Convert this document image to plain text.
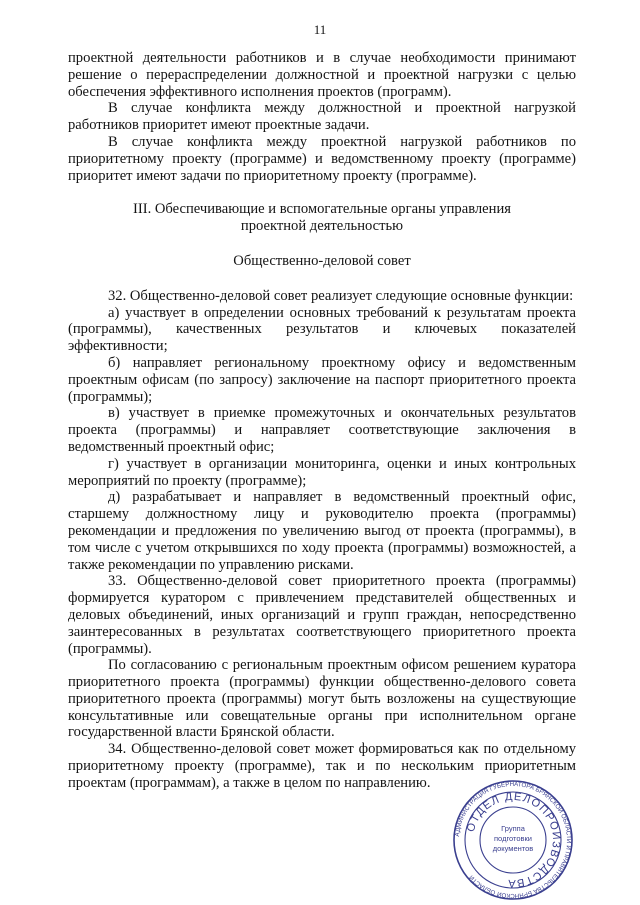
11

проектной деятельности работников и в случае необходимости принимают решение о перераспределении должностной и проектной нагрузки с целью обеспечения эффективного исполнения проектов (программ).

В случае конфликта между должностной и проектной нагрузкой работников приоритет имеют проектные задачи.

В случае конфликта между проектной нагрузкой работников по приоритетному проекту (программе) и ведомственному проекту (программе) приоритет имеют задачи по приоритетному проекту (программе).

III. Обеспечивающие и вспомогательные органы управления

проектной деятельностью

Общественно-деловой совет

32. Общественно-деловой совет реализует следующие основные функции:

а) участвует в определении основных требований к результатам проекта (программы), качественных результатов и ключевых показателей эффективности;

б) направляет региональному проектному офису и ведомственным проектным офисам (по запросу) заключение на паспорт приоритетного проекта (программы);

в) участвует в приемке промежуточных и окончательных результатов проекта (программы) и направляет соответствующие заключения в ведомственный проектный офис;

г) участвует в организации мониторинга, оценки и иных контрольных мероприятий по проекту (программе);

д) разрабатывает и направляет в ведомственный проектный офис, старшему должностному лицу и руководителю проекта (программы) рекомендации и предложения по увеличению выгод от проекта (программы), в том числе с учетом открывшихся по ходу проекта (программы) возможностей, а также рекомендации по управлению рисками.

33. Общественно-деловой совет приоритетного проекта (программы) формируется куратором с привлечением представителей общественных и деловых объединений, иных организаций и групп граждан, непосредственно заинтересованных в результатах соответствующего приоритетного проекта (программы).

По согласованию с региональным проектным офисом решением куратора приоритетного проекта (программы) функции общественно-делового совета приоритетного проекта (программы) могут быть возложены на существующие консультативные или совещательные органы при исполнительном органе государственной власти Брянской области.

34. Общественно-деловой совет может формироваться как по отдельному приоритетному проекту (программе), так и по нескольким приоритетным проектам (программам), а также в целом по направлению.

АДМИНИСТРАЦИЯ ГУБЕРНАТОРА БРЯНСКОЙ ОБЛАСТИ И ПРАВИТЕЛЬСТВА БРЯНСКОЙ ОБЛАСТИ
ОТДЕЛ ДЕЛОПРОИЗВОДСТВА
Группа
подготовки
документов
